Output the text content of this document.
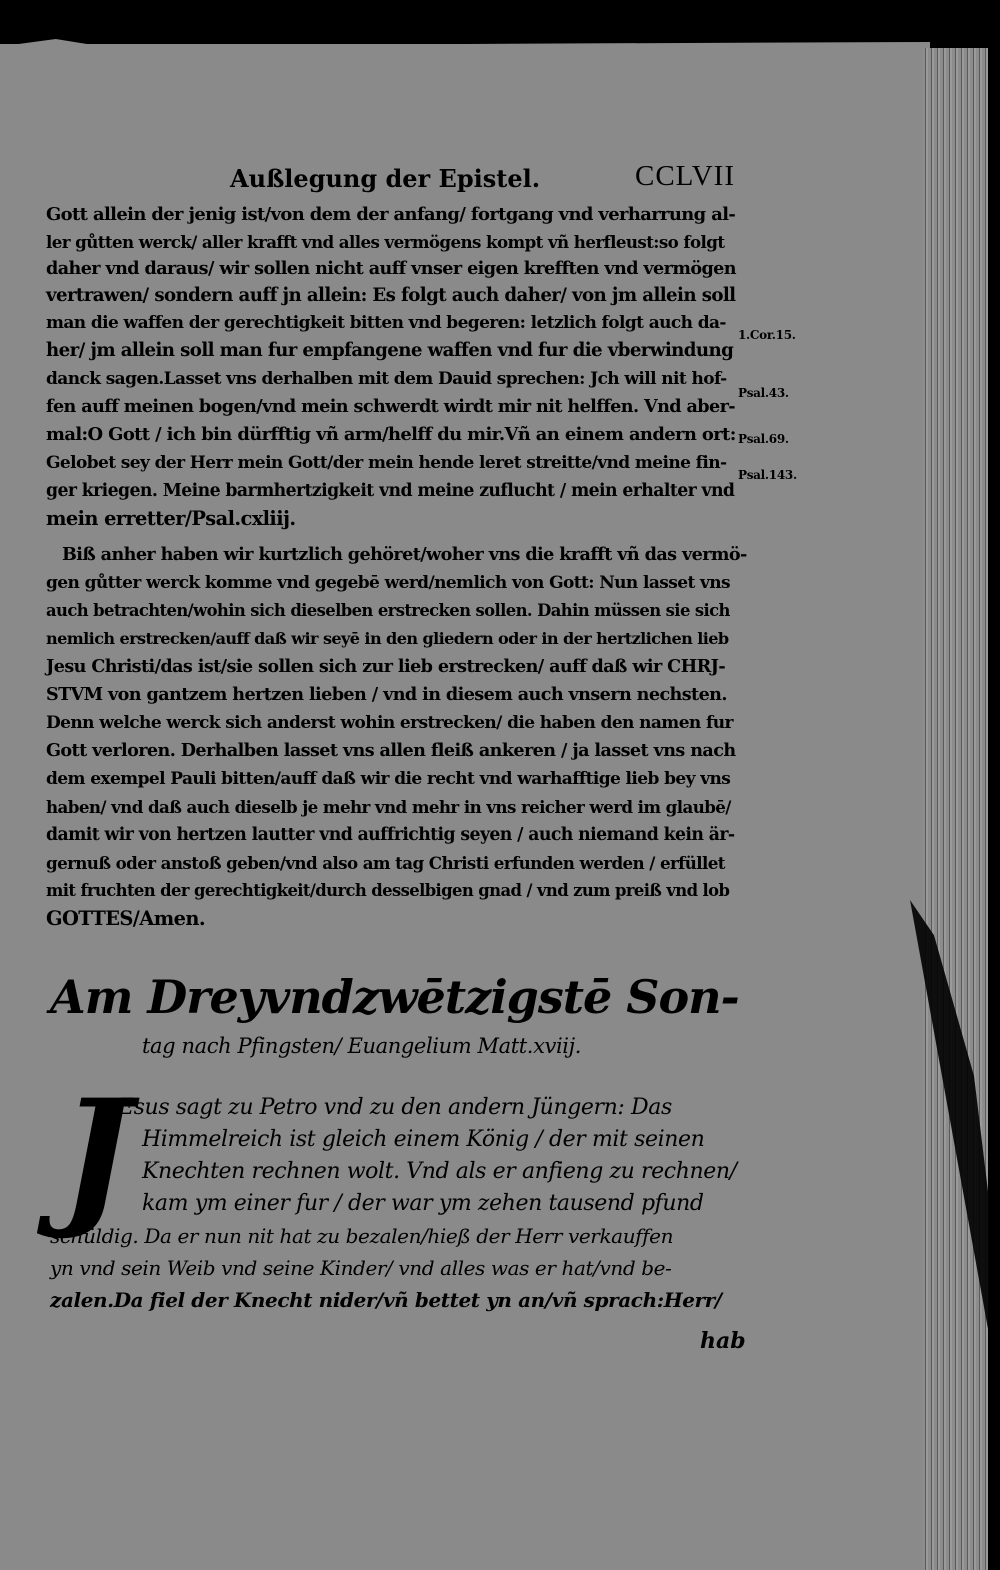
Außlegung der Epistel.	CCLVII
Gott allein der jenig ist/von dem der anfang/ fortgang vnd verharrung al-
ler gůtten werck/ aller krafft vnd alles vermögens kompt vñ herfleust:so folgt
daher vnd daraus/ wir sollen nicht auff vnser eigen krefften vnd vermögen
vertrawen/ sondern auff jn allein: Es folgt auch daher/ von jm allein soll
man die waffen der gerechtigkeit bitten vnd begeren: letzlich folgt auch da-
her/ jm allein soll man fur empfangene waffen vnd fur die vberwindung
danck sagen.Lasset vns derhalben mit dem Dauid sprechen: Jch will nit hof-
fen auff meinen bogen/vnd mein schwerdt wirdt mir nit helffen. Vnd aber-
mal:O Gott / ich bin dürfftig vñ arm/helff du mir.Vñ an einem andern ort:
Gelobet sey der Herr mein Gott/der mein hende leret streitte/vnd meine fin-
ger kriegen. Meine barmhertzigkeit vnd meine zuflucht / mein erhalter vnd
mein erretter/Psal.cxliij.
Biß anher haben wir kurtzlich gehöret/woher vns die krafft vñ das vermö-
gen gůtter werck komme vnd gegebē werd/nemlich von Gott: Nun lasset vns
auch betrachten/wohin sich dieselben erstrecken sollen. Dahin müssen sie sich
nemlich erstrecken/auff daß wir seyē in den gliedern oder in der hertzlichen lieb
Jesu Christi/das ist/sie sollen sich zur lieb erstrecken/ auff daß wir CHRJ-
STVM von gantzem hertzen lieben / vnd in diesem auch vnsern nechsten.
Denn welche werck sich anderst wohin erstrecken/ die haben den namen fur
Gott verloren. Derhalben lasset vns allen fleiß ankeren / ja lasset vns nach
dem exempel Pauli bitten/auff daß wir die recht vnd warhafftige lieb bey vns
haben/ vnd daß auch dieselb je mehr vnd mehr in vns reicher werd im glaubē/
damit wir von hertzen lautter vnd auffrichtig seyen / auch niemand kein är-
gernuß oder anstoß geben/vnd also am tag Christi erfunden werden / erfüllet
mit fruchten der gerechtigkeit/durch desselbigen gnad / vnd zum preiß vnd lob
GOTTES/Amen.
1.Cor.15.
Psal.43.
Psal.69.
Psal.143.
Am Dreyvndzwētzigstē Son-
tag nach Pfingsten/ Euangelium Matt.xviij.
J
Esus sagt zu Petro vnd zu den andern Jüngern: Das
Himmelreich ist gleich einem König / der mit seinen
Knechten rechnen wolt. Vnd als er anfieng zu rechnen/
kam ym einer fur / der war ym zehen tausend pfund
schüldig. Da er nun nit hat zu bezalen/hieß der Herr verkauffen
yn vnd sein Weib vnd seine Kinder/ vnd alles was er hat/vnd be-
zalen.Da fiel der Knecht nider/vñ bettet yn an/vñ sprach:Herr/
hab
